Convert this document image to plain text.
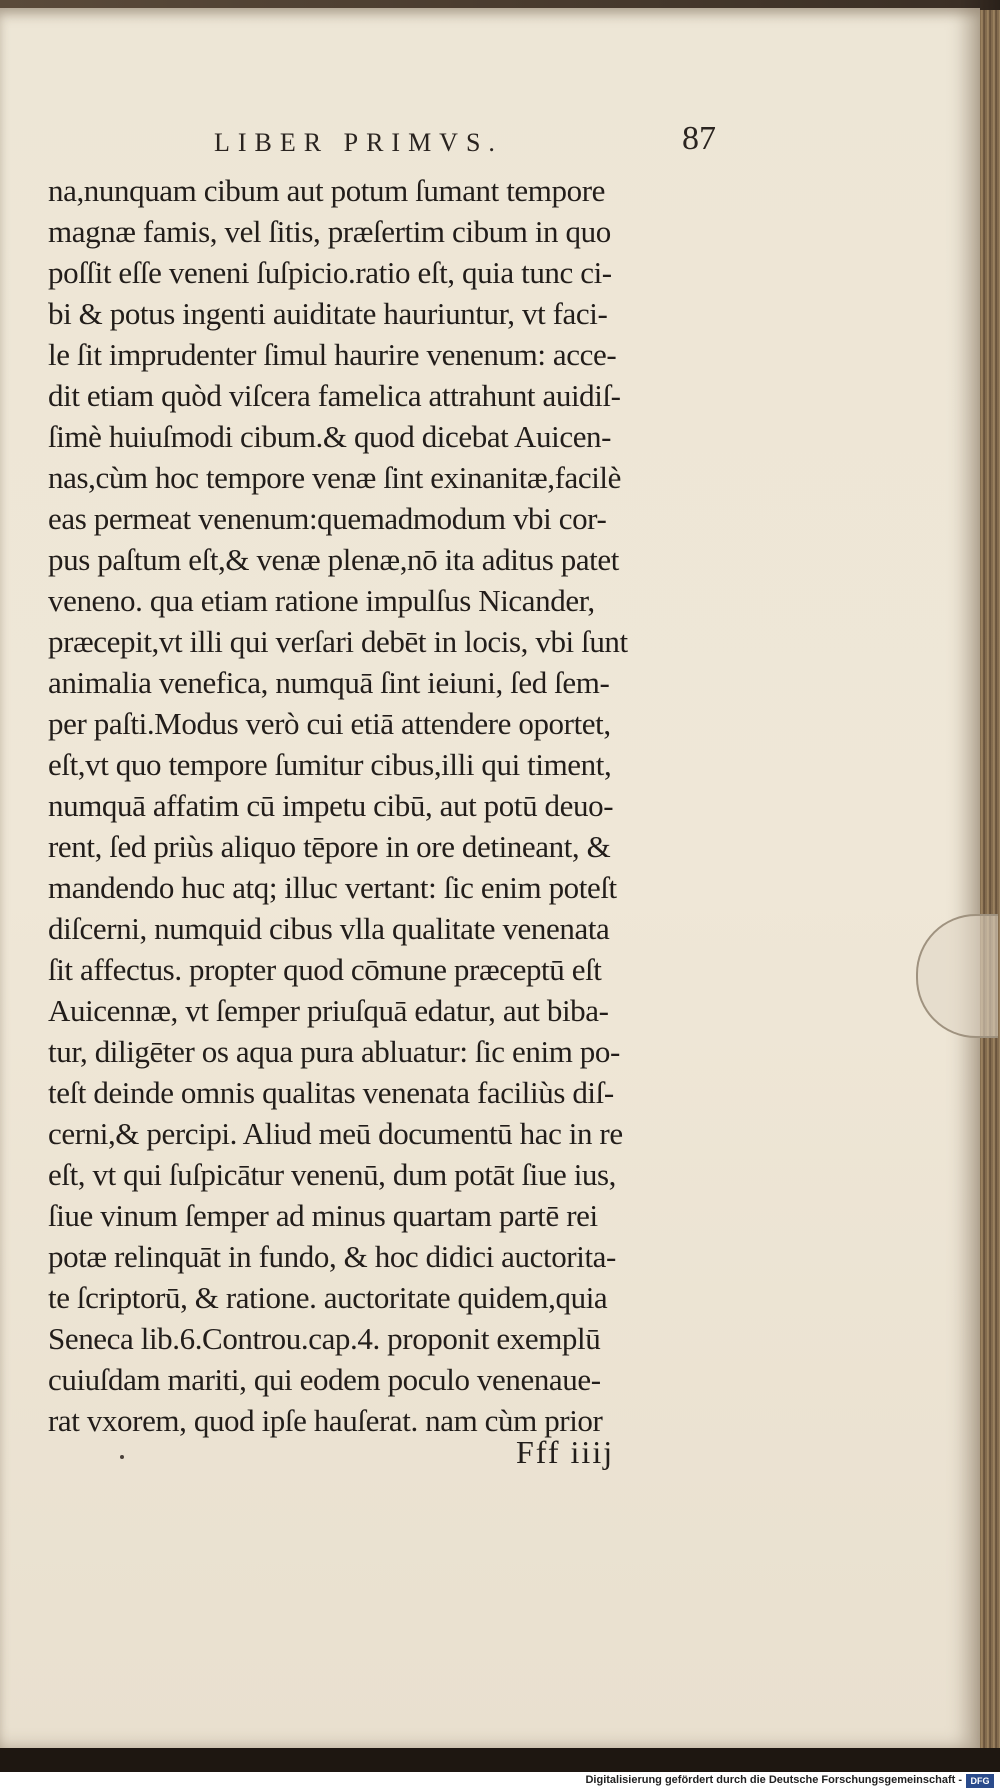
LIBER PRIMVS.	87
na,nunquam cibum aut potum ſumant tempore
magnæ famis, vel ſitis, præſertim cibum in quo
poſſit eſſe veneni ſuſpicio.ratio eſt, quia tunc ci-
bi & potus ingenti auiditate hauriuntur, vt faci-
le ſit imprudenter ſimul haurire venenum: acce-
dit etiam quòd viſcera famelica attrahunt auidiſ-
ſimè huiuſmodi cibum.& quod dicebat Auicen-
nas,cùm hoc tempore venæ ſint exinanitæ,facilè
eas permeat venenum:quemadmodum vbi cor-
pus paſtum eſt,& venæ plenæ,nō ita aditus patet
veneno. qua etiam ratione impulſus Nicander,
præcepit,vt illi qui verſari debēt in locis, vbi ſunt
animalia venefica, numquā ſint ieiuni, ſed ſem-
per paſti.Modus verò cui etiā attendere oportet,
eſt,vt quo tempore ſumitur cibus,illi qui timent,
numquā affatim cū impetu cibū, aut potū deuo-
rent, ſed priùs aliquo tēpore in ore detineant, &
mandendo huc atq; illuc vertant: ſic enim poteſt
diſcerni, numquid cibus vlla qualitate venenata
ſit affectus. propter quod cōmune præceptū eſt
Auicennæ, vt ſemper priuſquā edatur, aut biba-
tur, diligēter os aqua pura abluatur: ſic enim po-
teſt deinde omnis qualitas venenata faciliùs diſ-
cerni,& percipi. Aliud meū documentū hac in re
eſt, vt qui ſuſpicātur venenū, dum potāt ſiue ius,
ſiue vinum ſemper ad minus quartam partē rei
potæ relinquāt in fundo, & hoc didici auctorita-
te ſcriptorū, & ratione. auctoritate quidem,quia
Seneca lib.6.Controu.cap.4. proponit exemplū
cuiuſdam mariti, qui eodem poculo venenaue-
rat vxorem, quod ipſe hauſerat. nam cùm prior
Fff iiij
Digitalisierung gefördert durch die Deutsche Forschungsgemeinschaft - DFG
